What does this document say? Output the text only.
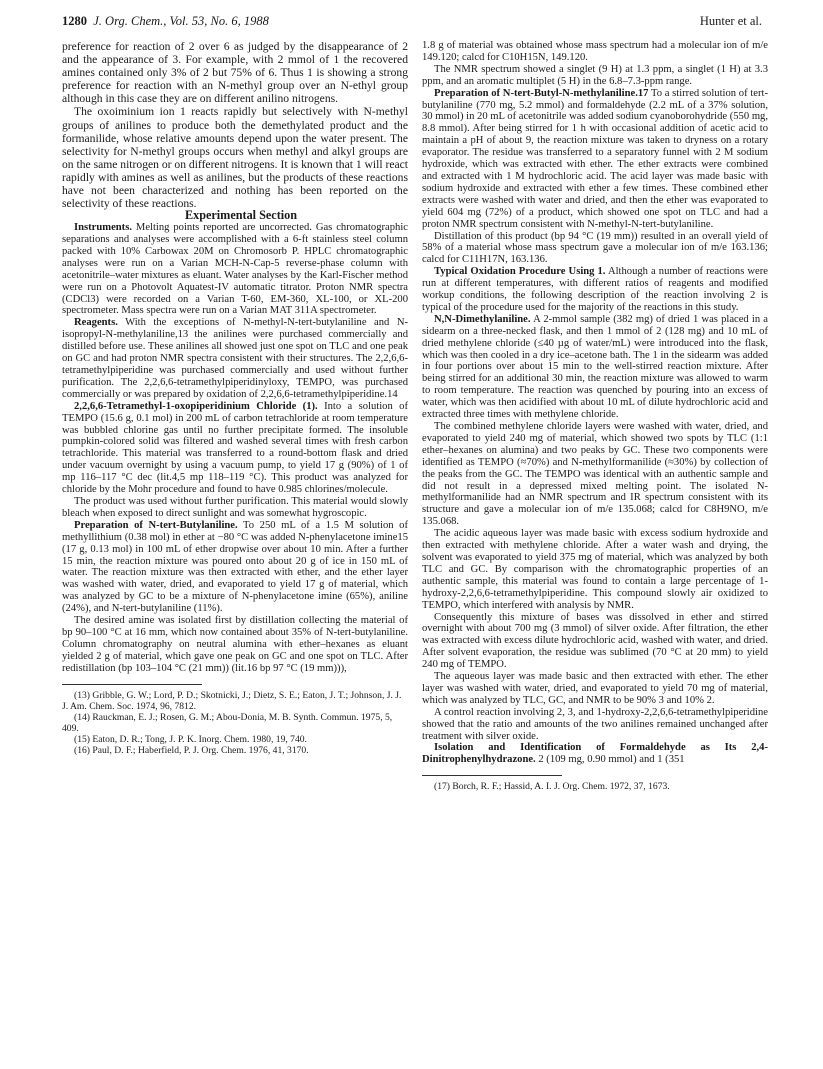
1280 J. Org. Chem., Vol. 53, No. 6, 1988	Hunter et al.

preference for reaction of 2 over 6 as judged by the disappearance of 2 and the appearance of 3. For example, with 2 mmol of 1 the recovered amines contained only 3% of 2 but 75% of 6. Thus 1 is showing a strong preference for reaction with an N-methyl group over an N-ethyl group although in this case they are on different anilino nitrogens.

The oxoiminium ion 1 reacts rapidly but selectively with N-methyl groups of anilines to produce both the demethylated product and the formanilide, whose relative amounts depend upon the water present. The selectivity for N-methyl groups occurs when methyl and alkyl groups are on the same nitrogen or on different nitrogens. It is known that 1 will react rapidly with amines as well as anilines, but the products of these reactions have not been characterized and nothing has been reported on the selectivity of these reactions.

Experimental Section

Instruments. Melting points reported are uncorrected. Gas chromatographic separations and analyses were accomplished with a 6-ft stainless steel column packed with 10% Carbowax 20M on Chromosorb P. HPLC chromatographic analyses were run on a Varian MCH-N-Cap-5 reverse-phase column with acetonitrile–water mixtures as eluant. Water analyses by the Karl-Fischer method were run on a Photovolt Aquatest-IV automatic titrator. Proton NMR spectra (CDCl3) were recorded on a Varian T-60, EM-360, XL-100, or XL-200 spectrometer. Mass spectra were run on a Varian MAT 311A spectrometer.

Reagents. With the exceptions of N-methyl-N-tert-butylaniline and N-isopropyl-N-methylaniline,13 the anilines were purchased commercially and distilled before use. These anilines all showed just one spot on TLC and one peak on GC and had proton NMR spectra consistent with their structures. The 2,2,6,6-tetramethylpiperidine was purchased commercially and used without further purification. The 2,2,6,6-tetramethylpiperidinyloxy, TEMPO, was purchased commercially or was prepared by oxidation of 2,2,6,6-tetramethylpiperidine.14

2,2,6,6-Tetramethyl-1-oxopiperidinium Chloride (1). Into a solution of TEMPO (15.6 g, 0.1 mol) in 200 mL of carbon tetrachloride at room temperature was bubbled chlorine gas until no further precipitate formed. The insoluble pumpkin-colored solid was filtered and washed several times with fresh carbon tetrachloride. This material was transferred to a round-bottom flask and dried under vacuum overnight by using a vacuum pump, to yield 17 g (90%) of 1 of mp 116–117 °C dec (lit.4,5 mp 118–119 °C). This product was analyzed for chloride by the Mohr procedure and found to have 0.985 chlorines/molecule.

The product was used without further purification. This material would slowly bleach when exposed to direct sunlight and was somewhat hygroscopic.

Preparation of N-tert-Butylaniline. To 250 mL of a 1.5 M solution of methyllithium (0.38 mol) in ether at −80 °C was added N-phenylacetone imine15 (17 g, 0.13 mol) in 100 mL of ether dropwise over about 10 min. After a further 15 min, the reaction mixture was poured onto about 20 g of ice in 150 mL of water. The reaction mixture was then extracted with ether, and the ether layer was washed with water, dried, and evaporated to yield 17 g of material, which was analyzed by GC to be a mixture of N-phenylacetone imine (65%), aniline (24%), and N-tert-butylaniline (11%).

The desired amine was isolated first by distillation collecting the material of bp 90–100 °C at 16 mm, which now contained about 35% of N-tert-butylaniline. Column chromatography on neutral alumina with ether–hexanes as eluant yielded 2 g of material, which gave one peak on GC and one spot on TLC. After redistillation (bp 103–104 °C (21 mm)) (lit.16 bp 97 °C (19 mm))),

(13) Gribble, G. W.; Lord, P. D.; Skotnicki, J.; Dietz, S. E.; Eaton, J. T.; Johnson, J. J. J. Am. Chem. Soc. 1974, 96, 7812.

(14) Rauckman, E. J.; Rosen, G. M.; Abou-Donia, M. B. Synth. Commun. 1975, 5, 409.

(15) Eaton, D. R.; Tong, J. P. K. Inorg. Chem. 1980, 19, 740.

(16) Paul, D. F.; Haberfield, P. J. Org. Chem. 1976, 41, 3170.

1.8 g of material was obtained whose mass spectrum had a molecular ion of m/e 149.120; calcd for C10H15N, 149.120.

The NMR spectrum showed a singlet (9 H) at 1.3 ppm, a singlet (1 H) at 3.3 ppm, and an aromatic multiplet (5 H) in the 6.8–7.3-ppm range.

Preparation of N-tert-Butyl-N-methylaniline.17 To a stirred solution of tert-butylaniline (770 mg, 5.2 mmol) and formaldehyde (2.2 mL of a 37% solution, 30 mmol) in 20 mL of acetonitrile was added sodium cyanoborohydride (550 mg, 8.8 mmol). After being stirred for 1 h with occasional addition of acetic acid to maintain a pH of about 9, the reaction mixture was taken to dryness on a rotary evaporator. The residue was transferred to a separatory funnel with 2 M sodium hydroxide, which was extracted with ether. The ether extracts were combined and extracted with 1 M hydrochloric acid. The acid layer was made basic with sodium hydroxide and extracted with ether a few times. These combined ether extracts were washed with water and dried, and then the ether was evaporated to yield 604 mg (72%) of a product, which showed one spot on TLC and had a proton NMR spectrum consistent with N-methyl-N-tert-butylaniline.

Distillation of this product (bp 94 °C (19 mm)) resulted in an overall yield of 58% of a material whose mass spectrum gave a molecular ion of m/e 163.136; calcd for C11H17N, 163.136.

Typical Oxidation Procedure Using 1. Although a number of reactions were run at different temperatures, with different ratios of reagents and modified workup conditions, the following description of the reaction involving 2 is typical of the procedure used for the majority of the reactions in this study.

N,N-Dimethylaniline. A 2-mmol sample (382 mg) of dried 1 was placed in a sidearm on a three-necked flask, and then 1 mmol of 2 (128 mg) and 10 mL of dried methylene chloride (≤40 µg of water/mL) were introduced into the flask, which was then cooled in a dry ice–acetone bath. The 1 in the sidearm was added in four portions over about 15 min to the well-stirred reaction mixture. After being stirred for an additional 30 min, the reaction mixture was allowed to warm to room temperature. The reaction was quenched by pouring into an excess of water, which was then acidified with about 10 mL of dilute hydrochloric acid and extracted three times with methylene chloride.

The combined methylene chloride layers were washed with water, dried, and evaporated to yield 240 mg of material, which showed two spots by TLC (1:1 ether–hexanes on alumina) and two peaks by GC. These two components were identified as TEMPO (≈70%) and N-methylformanilide (≈30%) by collection of the peaks from the GC. The TEMPO was identical with an authentic sample and did not result in a depressed mixed melting point. The isolated N-methylformanilide had an NMR spectrum and IR spectrum consistent with its structure and gave a molecular ion of m/e 135.068; calcd for C8H9NO, m/e 135.068.

The acidic aqueous layer was made basic with excess sodium hydroxide and then extracted with methylene chloride. After a water wash and drying, the solvent was evaporated to yield 375 mg of material, which was analyzed by both TLC and GC. By comparison with the chromatographic properties of an authentic sample, this material was found to contain a large percentage of 1-hydroxy-2,2,6,6-tetramethylpiperidine. This compound slowly air oxidized to TEMPO, which interfered with analysis by NMR.

Consequently this mixture of bases was dissolved in ether and stirred overnight with about 700 mg (3 mmol) of silver oxide. After filtration, the ether was extracted with excess dilute hydrochloric acid, washed with water, and dried. After solvent evaporation, the residue was sublimed (70 °C at 20 mm) to yield 240 mg of TEMPO.

The aqueous layer was made basic and then extracted with ether. The ether layer was washed with water, dried, and evaporated to yield 70 mg of material, which was analyzed by TLC, GC, and NMR to be 90% 3 and 10% 2.

A control reaction involving 2, 3, and 1-hydroxy-2,2,6,6-tetramethylpiperidine showed that the ratio and amounts of the two anilines remained unchanged after treatment with silver oxide.

Isolation and Identification of Formaldehyde as Its 2,4-Dinitrophenylhydrazone. 2 (109 mg, 0.90 mmol) and 1 (351

(17) Borch, R. F.; Hassid, A. I. J. Org. Chem. 1972, 37, 1673.
